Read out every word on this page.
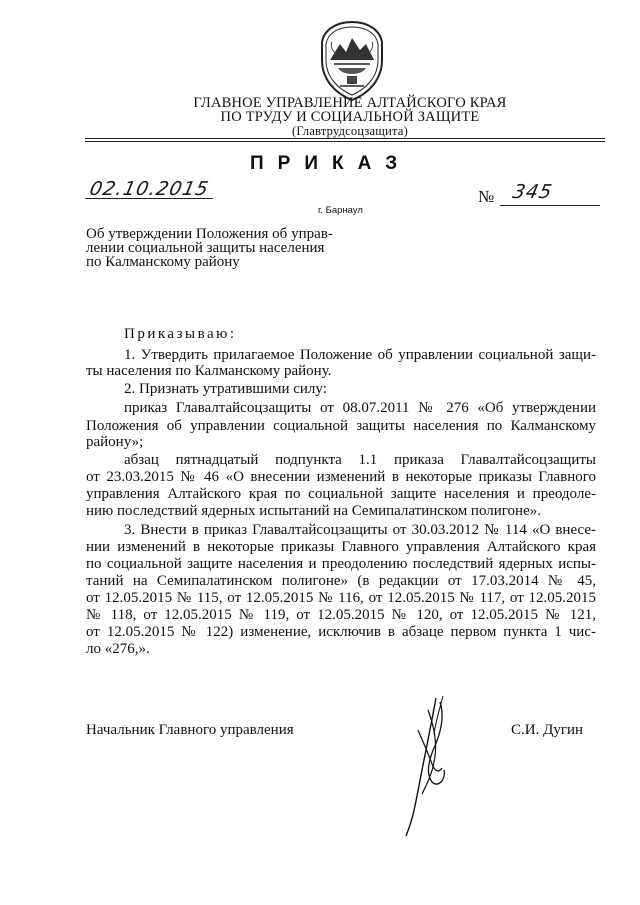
ГЛАВНОЕ УПРАВЛЕНИЕ АЛТАЙСКОГО КРАЯ
ПО ТРУДУ И СОЦИАЛЬНОЙ ЗАЩИТЕ
(Главтрудсоцзащита)
ПРИКАЗ
02.10.2015
г. Барнаул
№ 345
Об утверждении Положения об управ-
лении социальной защиты населения
по Калманскому району
Приказываю:
1. Утвердить прилагаемое Положение об управлении социальной защи-
ты населения по Калманскому району.
2. Признать утратившими силу:
приказ Главалтайсоцзащиты от 08.07.2011 № 276 «Об утверждении
Положения об управлении социальной защиты населения по Калманскому
району»;
абзац пятнадцатый подпункта 1.1 приказа Главалтайсоцзащиты
от 23.03.2015 № 46 «О внесении изменений в некоторые приказы Главного
управления Алтайского края по социальной защите населения и преодоле-
нию последствий ядерных испытаний на Семипалатинском полигоне».
3. Внести в приказ Главалтайсоцзащиты от 30.03.2012 № 114 «О внесе-
нии изменений в некоторые приказы Главного управления Алтайского края
по социальной защите населения и преодолению последствий ядерных испы-
таний на Семипалатинском полигоне» (в редакции от 17.03.2014 № 45,
от 12.05.2015 № 115, от 12.05.2015 № 116, от 12.05.2015 № 117, от 12.05.2015
№ 118, от 12.05.2015 № 119, от 12.05.2015 № 120, от 12.05.2015 № 121,
от 12.05.2015 № 122) изменение, исключив в абзаце первом пункта 1 чис-
ло «276,».
Начальник Главного управления	С.И. Дугин
